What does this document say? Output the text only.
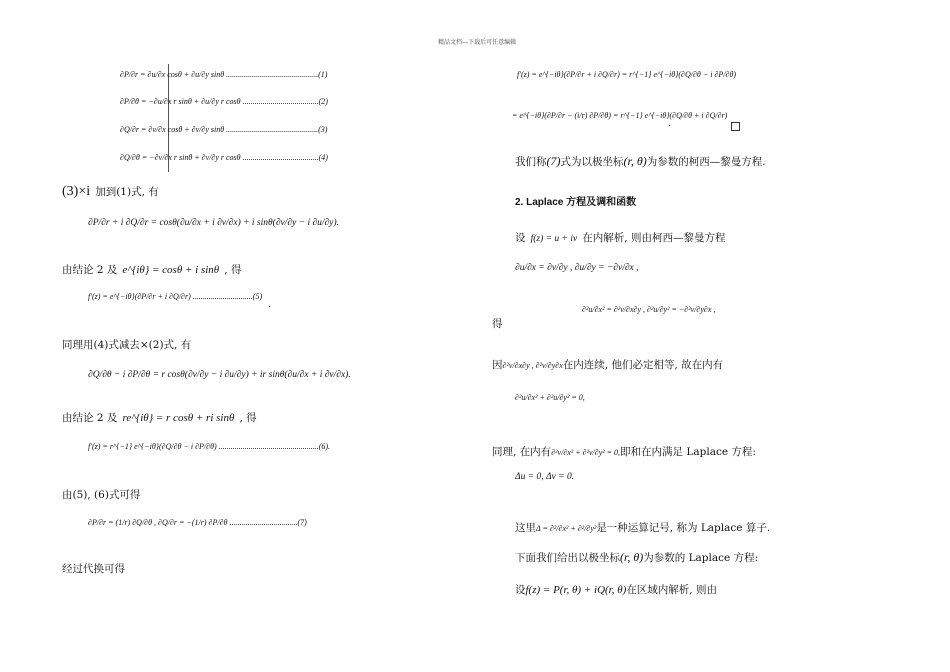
精品文档---下载后可任意编辑
∂P/∂r = ∂u/∂x cosθ + ∂u/∂y sinθ ..............................................(1)
∂P/∂θ = −∂u/∂x r sinθ + ∂u/∂y r cosθ ......................................(2)
∂Q/∂r = ∂v/∂x cosθ + ∂v/∂y sinθ ..............................................(3)
∂Q/∂θ = −∂v/∂x r sinθ + ∂v/∂y r cosθ ......................................(4)
(3)×i 加到(1)式, 有
∂P/∂r + i ∂Q/∂r = cosθ(∂u/∂x + i ∂v/∂x) + i sinθ(∂v/∂y − i ∂u/∂y).
由结论 2 及 e^{iθ} = cosθ + i sinθ , 得
f′(z) = e^{−iθ}(∂P/∂r + i ∂Q/∂r) ..............................(5)
.
同理用(4)式减去×(2)式, 有
∂Q/∂θ − i ∂P/∂θ = r cosθ(∂v/∂y − i ∂u/∂y) + ir sinθ(∂u/∂x + i ∂v/∂x).
由结论 2 及 re^{iθ} = r cosθ + ri sinθ , 得
f′(z) = r^{−1} e^{−iθ}(∂Q/∂θ − i ∂P/∂θ) ..................................................(6).
由(5), (6)式可得
∂P/∂r = (1/r) ∂Q/∂θ , ∂Q/∂r = −(1/r) ∂P/∂θ ..................................(7)
经过代换可得
f′(z) = e^{−iθ}(∂P/∂r + i ∂Q/∂r) = r^{−1} e^{−iθ}(∂Q/∂θ − i ∂P/∂θ)
= e^{−iθ}(∂P/∂r − (i/r) ∂P/∂θ) = r^{−1} e^{−iθ}(∂Q/∂θ + i ∂Q/∂r)
.
我们称(7)式为以极坐标(r, θ)为参数的柯西—黎曼方程.
2. Laplace 方程及调和函数
设 f(z) = u + iv 在内解析, 则由柯西—黎曼方程
∂u/∂x = ∂v/∂y , ∂u/∂y = −∂v/∂x ,
得
∂²u/∂x² = ∂²v/∂x∂y , ∂²u/∂y² = −∂²v/∂y∂x ,
因∂²v/∂x∂y , ∂²v/∂y∂x在内连续, 他们必定相等, 故在内有
∂²u/∂x² + ∂²u/∂y² = 0,
同理, 在内有∂²v/∂x² + ∂²v/∂y² = 0,即和在内满足 Laplace 方程:
Δu = 0, Δv = 0.
这里Δ = ∂²/∂x² + ∂²/∂y²是一种运算记号, 称为 Laplace 算子.
下面我们给出以极坐标(r, θ)为参数的 Laplace 方程:
设f(z) = P(r, θ) + iQ(r, θ)在区域内解析, 则由
